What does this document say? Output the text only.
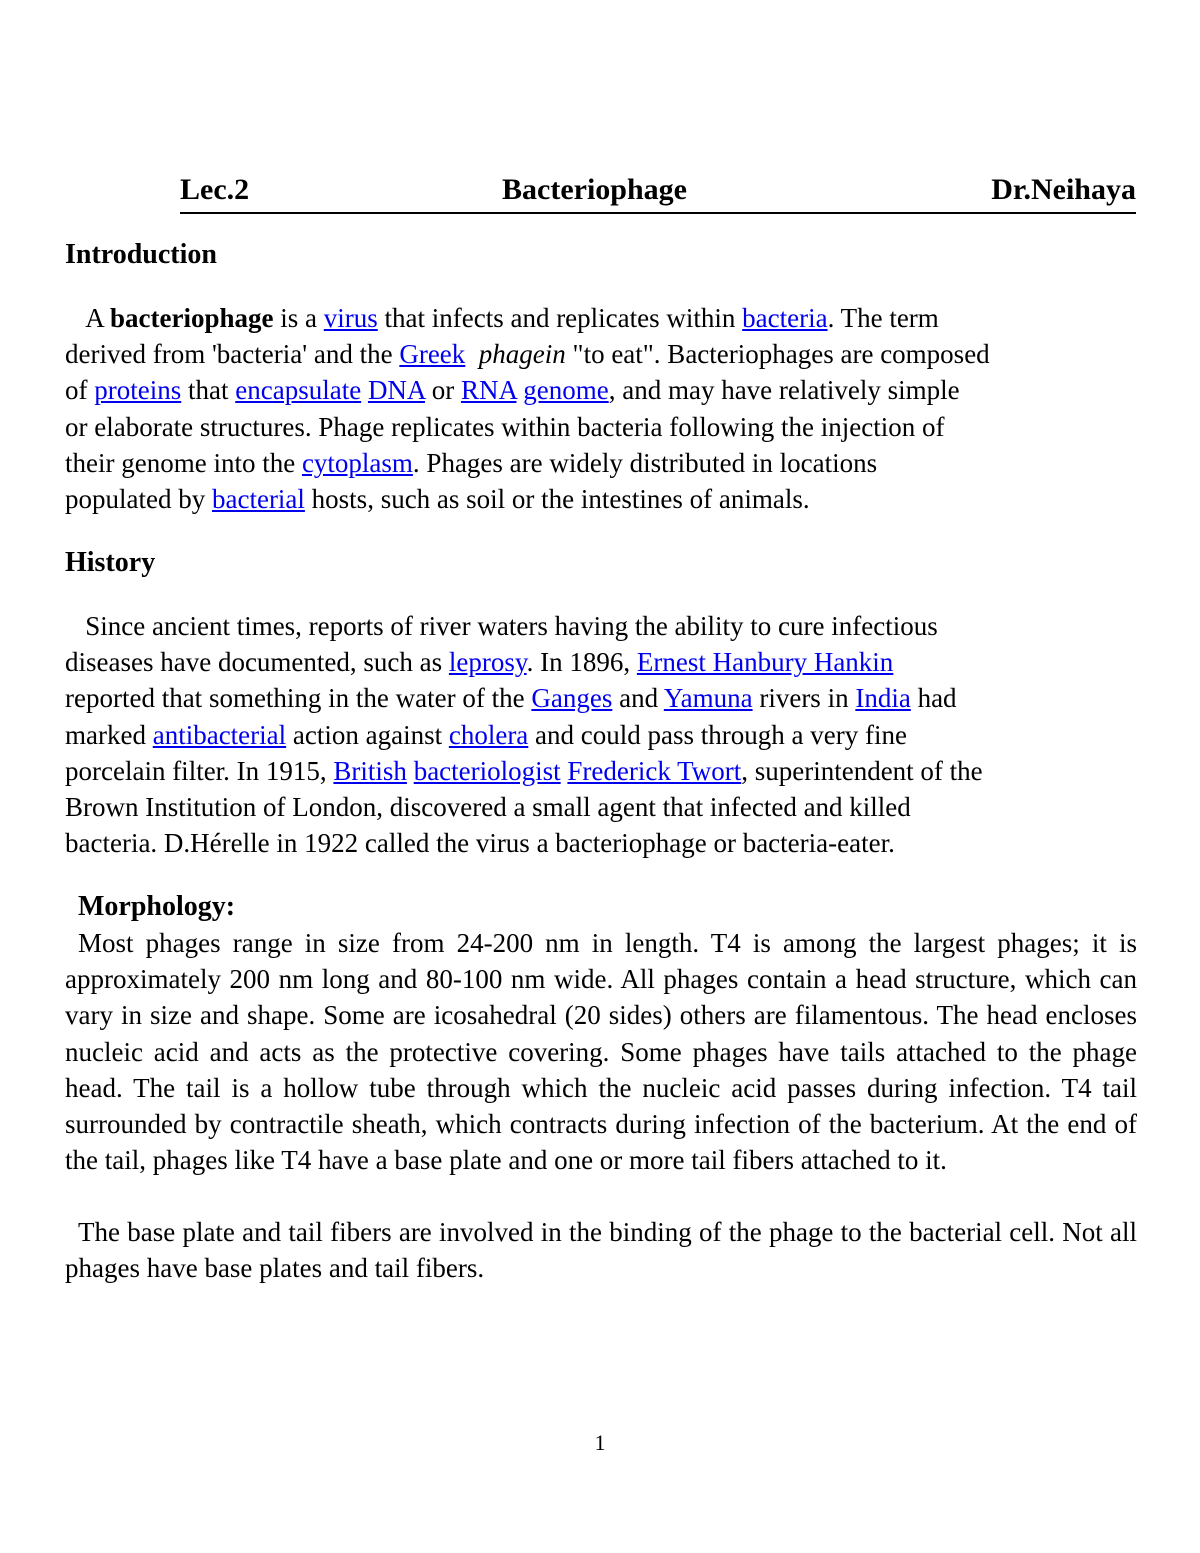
Lec.2	Bacteriophage	Dr.Neihaya
Introduction
A bacteriophage is a virus that infects and replicates within bacteria. The term
derived from 'bacteria' and the Greek phagein "to eat". Bacteriophages are composed
of proteins that encapsulate DNA or RNA genome, and may have relatively simple
or elaborate structures. Phage replicates within bacteria following the injection of
their genome into the cytoplasm. Phages are widely distributed in locations
populated by bacterial hosts, such as soil or the intestines of animals.
History
Since ancient times, reports of river waters having the ability to cure infectious
diseases have documented, such as leprosy. In 1896, Ernest Hanbury Hankin
reported that something in the water of the Ganges and Yamuna rivers in India had
marked antibacterial action against cholera and could pass through a very fine
porcelain filter. In 1915, British bacteriologist Frederick Twort, superintendent of the
Brown Institution of London, discovered a small agent that infected and killed
bacteria. D.Hérelle in 1922 called the virus a bacteriophage or bacteria-eater.
Morphology:
Most phages range in size from 24-200 nm in length. T4 is among the largest phages; it is approximately 200 nm long and 80-100 nm wide. All phages contain a head structure, which can vary in size and shape. Some are icosahedral (20 sides) others are filamentous. The head encloses nucleic acid and acts as the protective covering. Some phages have tails attached to the phage head. The tail is a hollow tube through which the nucleic acid passes during infection. T4 tail surrounded by contractile sheath, which contracts during infection of the bacterium. At the end of the tail, phages like T4 have a base plate and one or more tail fibers attached to it.
The base plate and tail fibers are involved in the binding of the phage to the bacterial cell. Not all phages have base plates and tail fibers.
1
